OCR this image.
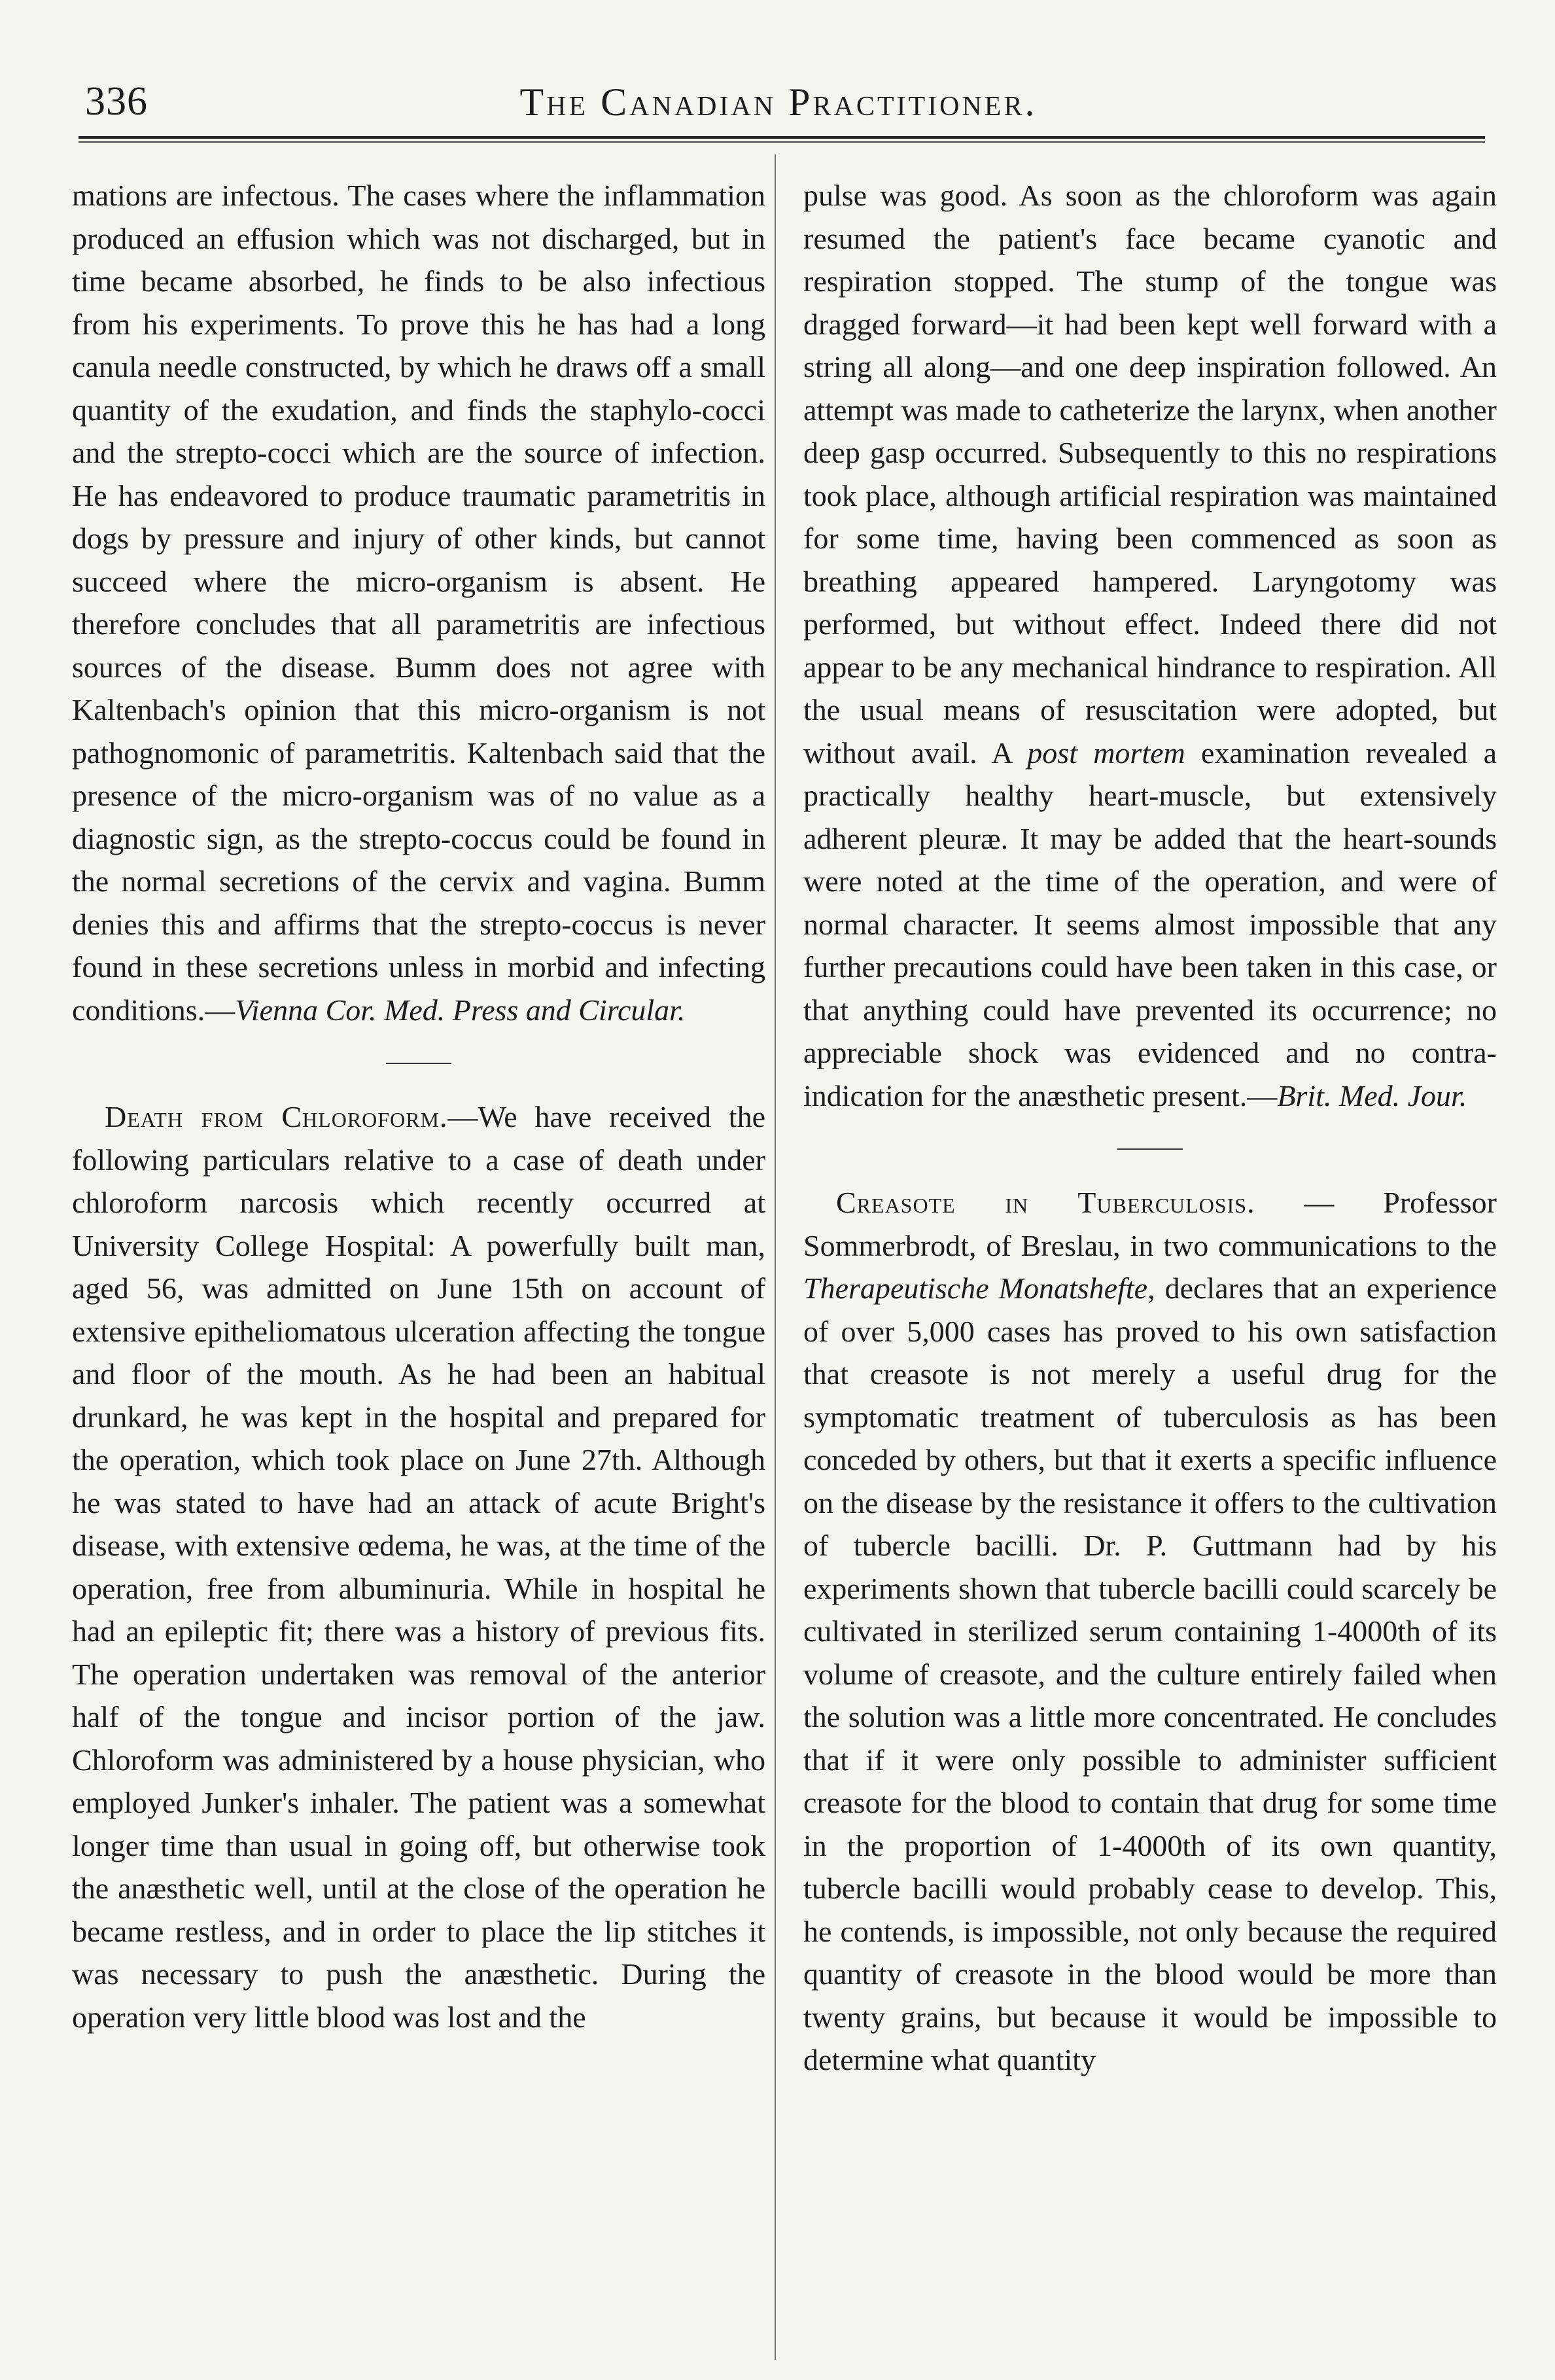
336	The Canadian Practitioner.

mations are infectous. The cases where the inflammation produced an effusion which was not discharged, but in time became absorbed, he finds to be also infectious from his experiments. To prove this he has had a long canula needle constructed, by which he draws off a small quantity of the exudation, and finds the staphylo-cocci and the strepto-cocci which are the source of infection. He has endeavored to produce traumatic parametritis in dogs by pressure and injury of other kinds, but cannot succeed where the micro-organism is absent. He therefore concludes that all parametritis are infectious sources of the disease. Bumm does not agree with Kaltenbach's opinion that this micro-organism is not pathognomonic of parametritis. Kaltenbach said that the presence of the micro-organism was of no value as a diagnostic sign, as the strepto-coccus could be found in the normal secretions of the cervix and vagina. Bumm denies this and affirms that the strepto-coccus is never found in these secretions unless in morbid and infecting conditions.—Vienna Cor. Med. Press and Circular.

Death from Chloroform.—We have received the following particulars relative to a case of death under chloroform narcosis which recently occurred at University College Hospital: A powerfully built man, aged 56, was admitted on June 15th on account of extensive epitheliomatous ulceration affecting the tongue and floor of the mouth. As he had been an habitual drunkard, he was kept in the hospital and prepared for the operation, which took place on June 27th. Although he was stated to have had an attack of acute Bright's disease, with extensive œdema, he was, at the time of the operation, free from albuminuria. While in hospital he had an epileptic fit; there was a history of previous fits. The operation undertaken was removal of the anterior half of the tongue and incisor portion of the jaw. Chloroform was administered by a house physician, who employed Junker's inhaler. The patient was a somewhat longer time than usual in going off, but otherwise took the anæsthetic well, until at the close of the operation he became restless, and in order to place the lip stitches it was necessary to push the anæsthetic. During the operation very little blood was lost and the

pulse was good. As soon as the chloroform was again resumed the patient's face became cyanotic and respiration stopped. The stump of the tongue was dragged forward—it had been kept well forward with a string all along—and one deep inspiration followed. An attempt was made to catheterize the larynx, when another deep gasp occurred. Subsequently to this no respirations took place, although artificial respiration was maintained for some time, having been commenced as soon as breathing appeared hampered. Laryngotomy was performed, but without effect. Indeed there did not appear to be any mechanical hindrance to respiration. All the usual means of resuscitation were adopted, but without avail. A post mortem examination revealed a practically healthy heart-muscle, but extensively adherent pleuræ. It may be added that the heart-sounds were noted at the time of the operation, and were of normal character. It seems almost impossible that any further precautions could have been taken in this case, or that anything could have prevented its occurrence; no appreciable shock was evidenced and no contra-indication for the anæsthetic present.—Brit. Med. Jour.

Creasote in Tuberculosis. — Professor Sommerbrodt, of Breslau, in two communications to the Therapeutische Monatshefte, declares that an experience of over 5,000 cases has proved to his own satisfaction that creasote is not merely a useful drug for the symptomatic treatment of tuberculosis as has been conceded by others, but that it exerts a specific influence on the disease by the resistance it offers to the cultivation of tubercle bacilli. Dr. P. Guttmann had by his experiments shown that tubercle bacilli could scarcely be cultivated in sterilized serum containing 1-4000th of its volume of creasote, and the culture entirely failed when the solution was a little more concentrated. He concludes that if it were only possible to administer sufficient creasote for the blood to contain that drug for some time in the proportion of 1-4000th of its own quantity, tubercle bacilli would probably cease to develop. This, he contends, is impossible, not only because the required quantity of creasote in the blood would be more than twenty grains, but because it would be impossible to determine what quantity
